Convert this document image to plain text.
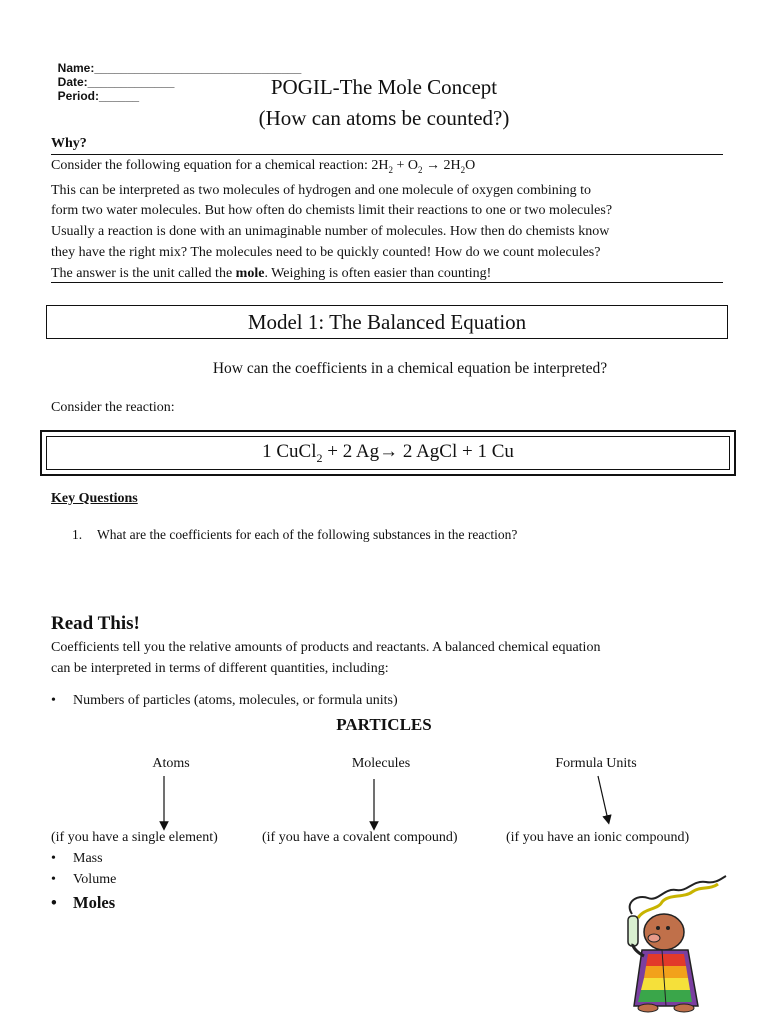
Name:_______________________________
Date:_____________
Period:______	POGIL-The Mole Concept
(How can atoms be counted?)
Why?
Consider the following equation for a chemical reaction: $2H_2 + O_2 \to 2H_2O$
This can be interpreted as two molecules of hydrogen and one molecule of oxygen combining to
form two water molecules. But how often do chemists limit their reactions to one or two molecules?
Usually a reaction is done with an unimaginable number of molecules. How then do chemists know
they have the right mix? The molecules need to be quickly counted! How do we count molecules?
The answer is the unit called the mole. Weighing is often easier than counting!
Model 1: The Balanced Equation
How can the coefficients in a chemical equation be interpreted?
Consider the reaction:
1 CuCl$_2$ + 2 Ag→ 2 AgCl + 1 Cu
Key Questions
1. What are the coefficients for each of the following substances in the reaction?
Read This!
Coefficients tell you the relative amounts of products and reactants. A balanced chemical equation
can be interpreted in terms of different quantities, including:
• Numbers of particles (atoms, molecules, or formula units)
PARTICLES
Atoms	Molecules	Formula Units
(if you have a single element)	(if you have a covalent compound)	(if you have an ionic compound)
• Mass
• Volume
• Moles
